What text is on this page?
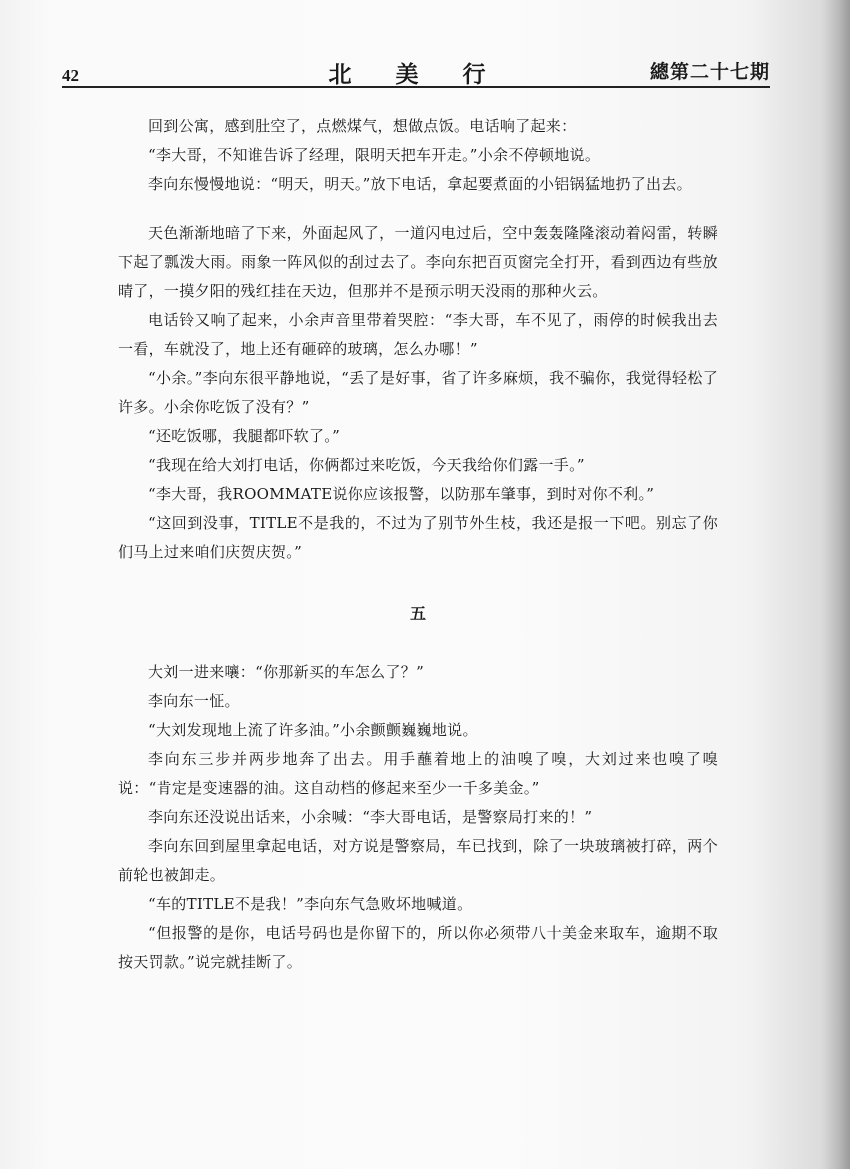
42	北 美 行	總第二十七期

回到公寓，感到肚空了，点燃煤气，想做点饭。电话响了起来：

“李大哥，不知谁告诉了经理，限明天把车开走。”小余不停顿地说。

李向东慢慢地说：“明天，明天。”放下电话，拿起要煮面的小铝锅猛地扔了出去。

天色渐渐地暗了下来，外面起风了，一道闪电过后，空中轰轰隆隆滚动着闷雷，转瞬下起了瓢泼大雨。雨象一阵风似的刮过去了。李向东把百页窗完全打开，看到西边有些放晴了，一摸夕阳的残红挂在天边，但那并不是预示明天没雨的那种火云。

电话铃又响了起来，小余声音里带着哭腔：“李大哥，车不见了，雨停的时候我出去一看，车就没了，地上还有砸碎的玻璃，怎么办哪！”

“小余。”李向东很平静地说，“丢了是好事，省了许多麻烦，我不骗你，我觉得轻松了许多。小余你吃饭了没有？”

“还吃饭哪，我腿都吓软了。”

“我现在给大刘打电话，你俩都过来吃饭，今天我给你们露一手。”

“李大哥，我ROOMMATE说你应该报警，以防那车肇事，到时对你不利。”

“这回到没事，TITLE不是我的，不过为了别节外生枝，我还是报一下吧。别忘了你们马上过来咱们庆贺庆贺。”

五

大刘一进来嚷：“你那新买的车怎么了？”

李向东一怔。

“大刘发现地上流了许多油。”小余颤颤巍巍地说。

李向东三步并两步地奔了出去。用手蘸着地上的油嗅了嗅，大刘过来也嗅了嗅说：“肯定是变速器的油。这自动档的修起来至少一千多美金。”

李向东还没说出话来，小余喊：“李大哥电话，是警察局打来的！”

李向东回到屋里拿起电话，对方说是警察局，车已找到，除了一块玻璃被打碎，两个前轮也被卸走。

“车的TITLE不是我！”李向东气急败坏地喊道。

“但报警的是你，电话号码也是你留下的，所以你必须带八十美金来取车，逾期不取按天罚款。”说完就挂断了。
